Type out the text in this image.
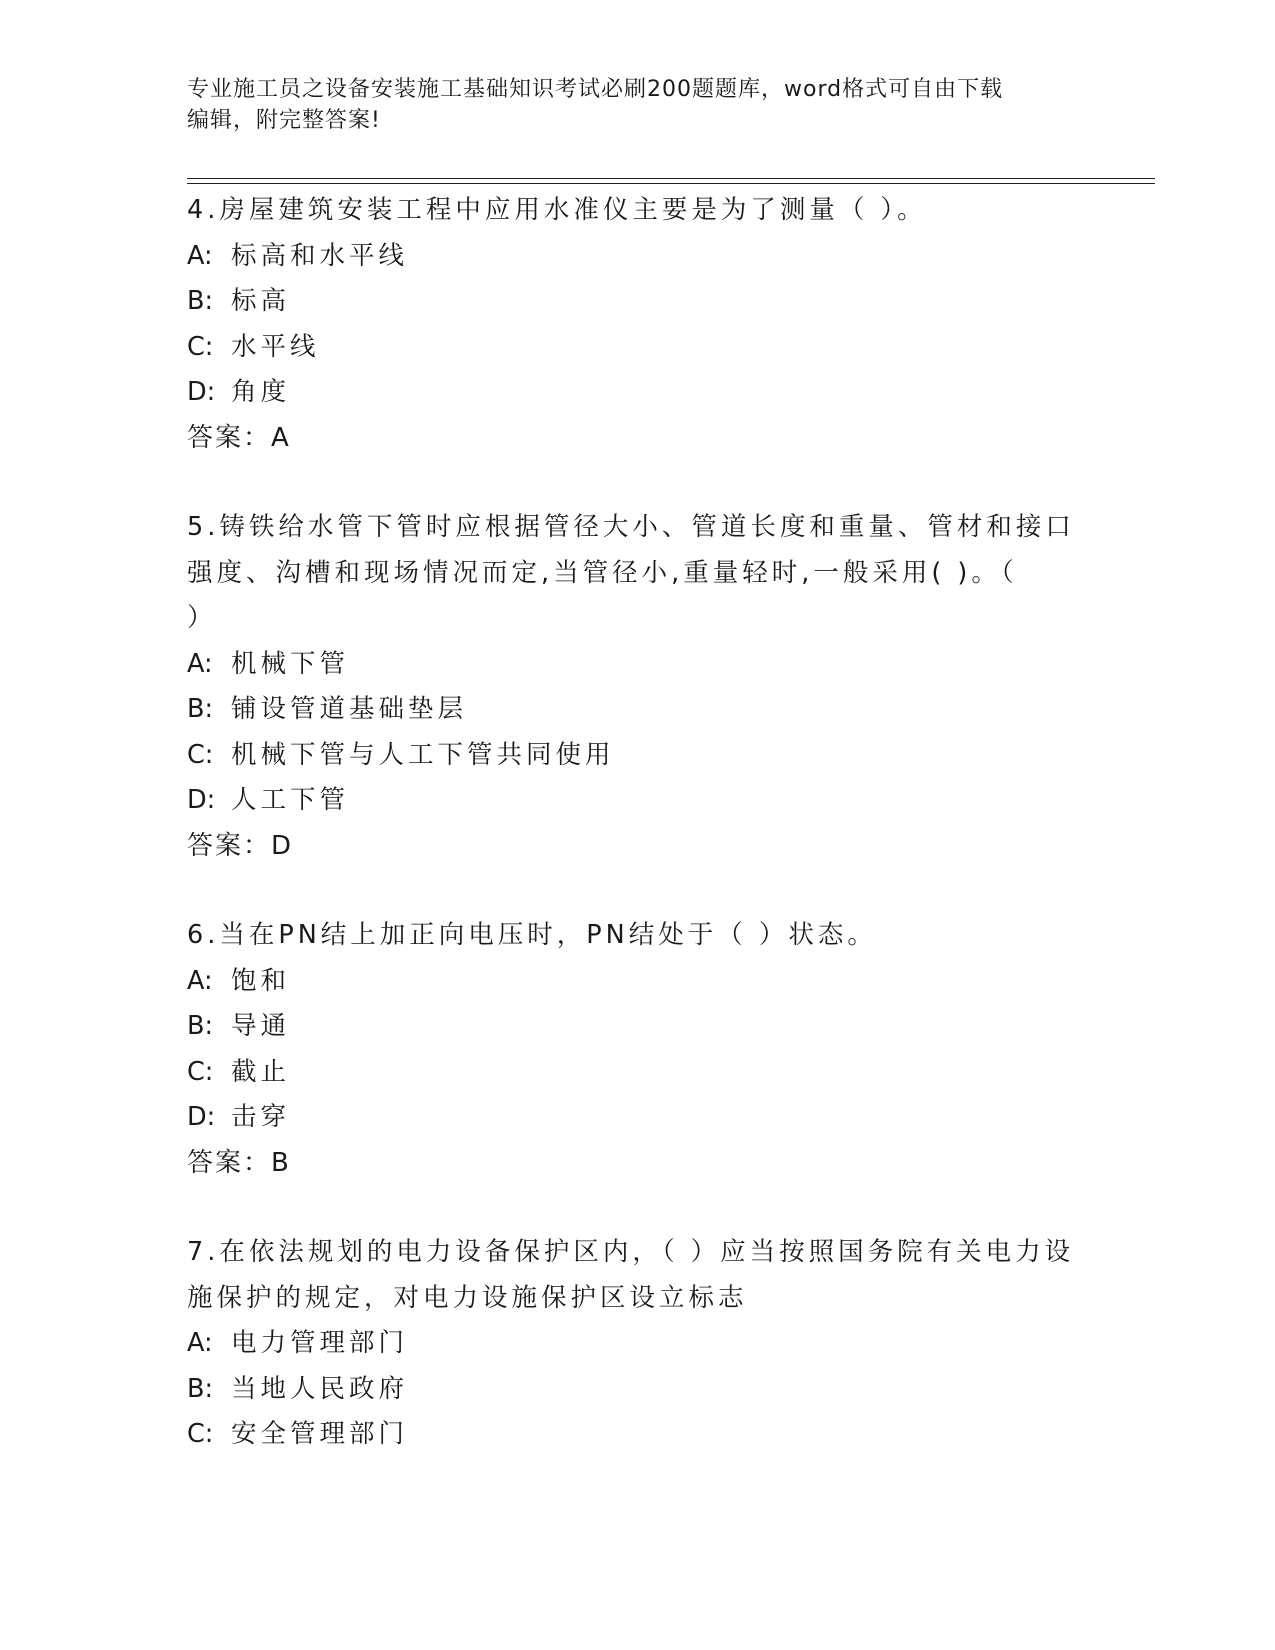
专业施工员之设备安装施工基础知识考试必刷200题题库，word格式可自由下载
编辑，附完整答案!

4.房屋建筑安装工程中应用水准仪主要是为了测量（ ）。

A: 标高和水平线

B: 标高

C: 水平线

D: 角度

答案：A

5.铸铁给水管下管时应根据管径大小、管道长度和重量、管材和接口
强度、沟槽和现场情况而定,当管径小,重量轻时,一般采用( )。（
）

A: 机械下管

B: 铺设管道基础垫层

C: 机械下管与人工下管共同使用

D: 人工下管

答案：D

6.当在PN结上加正向电压时，PN结处于（ ）状态。

A: 饱和

B: 导通

C: 截止

D: 击穿

答案：B

7.在依法规划的电力设备保护区内，（ ）应当按照国务院有关电力设
施保护的规定，对电力设施保护区设立标志

A: 电力管理部门

B: 当地人民政府

C: 安全管理部门
